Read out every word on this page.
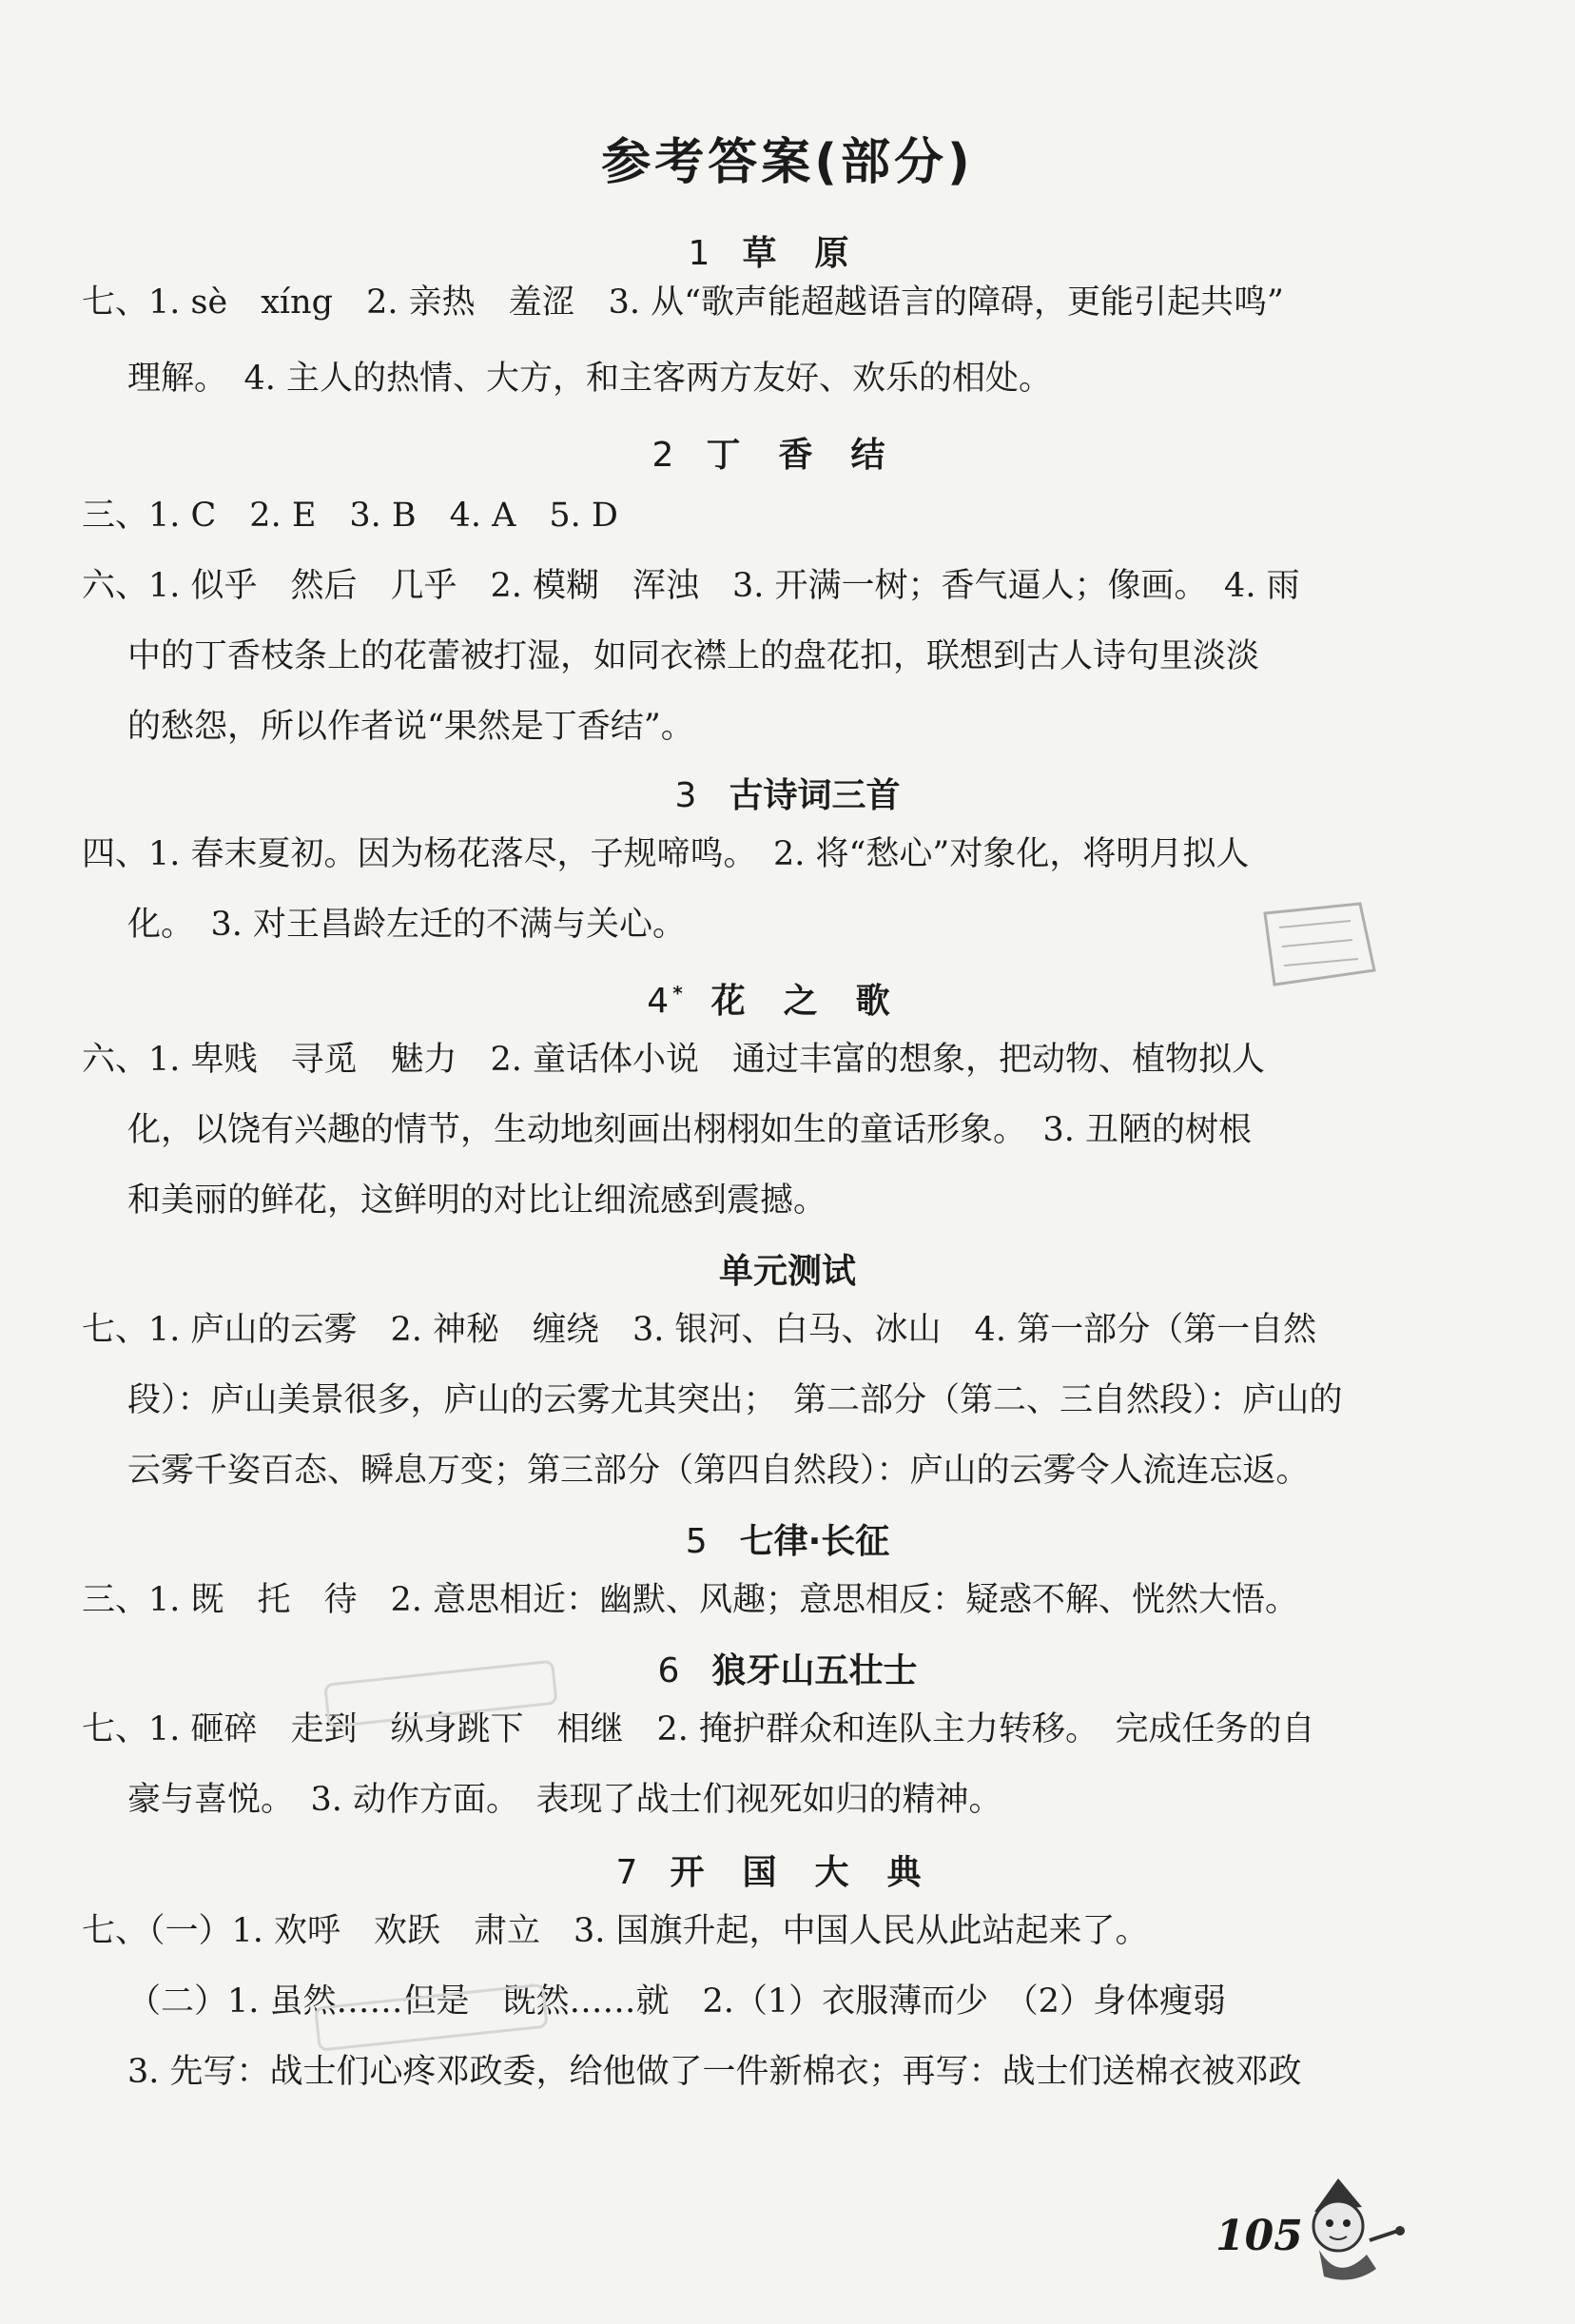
参考答案(部分)
1 草原
七、1. sè　xíng　2. 亲热　羞涩　3. 从“歌声能超越语言的障碍，更能引起共鸣”
理解。　4. 主人的热情、大方，和主客两方友好、欢乐的相处。
2 丁香结
三、1. C　2. E　3. B　4. A　5. D
六、1. 似乎　然后　几乎　2. 模糊　浑浊　3. 开满一树；香气逼人；像画。　4. 雨
中的丁香枝条上的花蕾被打湿，如同衣襟上的盘花扣，联想到古人诗句里淡淡
的愁怨，所以作者说“果然是丁香结”。
3 古诗词三首
四、1. 春末夏初。因为杨花落尽，子规啼鸣。　2. 将“愁心”对象化，将明月拟人
化。　3. 对王昌龄左迁的不满与关心。
4 * 花之歌
六、1. 卑贱　寻觅　魅力　2. 童话体小说　通过丰富的想象，把动物、植物拟人
化，以饶有兴趣的情节，生动地刻画出栩栩如生的童话形象。　3. 丑陋的树根
和美丽的鲜花，这鲜明的对比让细流感到震撼。
单元测试
七、1. 庐山的云雾　2. 神秘　缠绕　3. 银河、白马、冰山　4. 第一部分（第一自然
段）：庐山美景很多，庐山的云雾尤其突出；　第二部分（第二、三自然段）：庐山的
云雾千姿百态、瞬息万变；第三部分（第四自然段）：庐山的云雾令人流连忘返。
5 七律·长征
三、1. 既　托　待　2. 意思相近：幽默、风趣；意思相反：疑惑不解、恍然大悟。
6 狼牙山五壮士
七、1. 砸碎　走到　纵身跳下　相继　2. 掩护群众和连队主力转移。　完成任务的自
豪与喜悦。　3. 动作方面。　表现了战士们视死如归的精神。
7 开国大典
七、（一）1. 欢呼　欢跃　肃立　3. 国旗升起，中国人民从此站起来了。
（二）1. 虽然……但是　既然……就　2.（1）衣服薄而少　（2）身体瘦弱
3. 先写：战士们心疼邓政委，给他做了一件新棉衣；再写：战士们送棉衣被邓政
105
